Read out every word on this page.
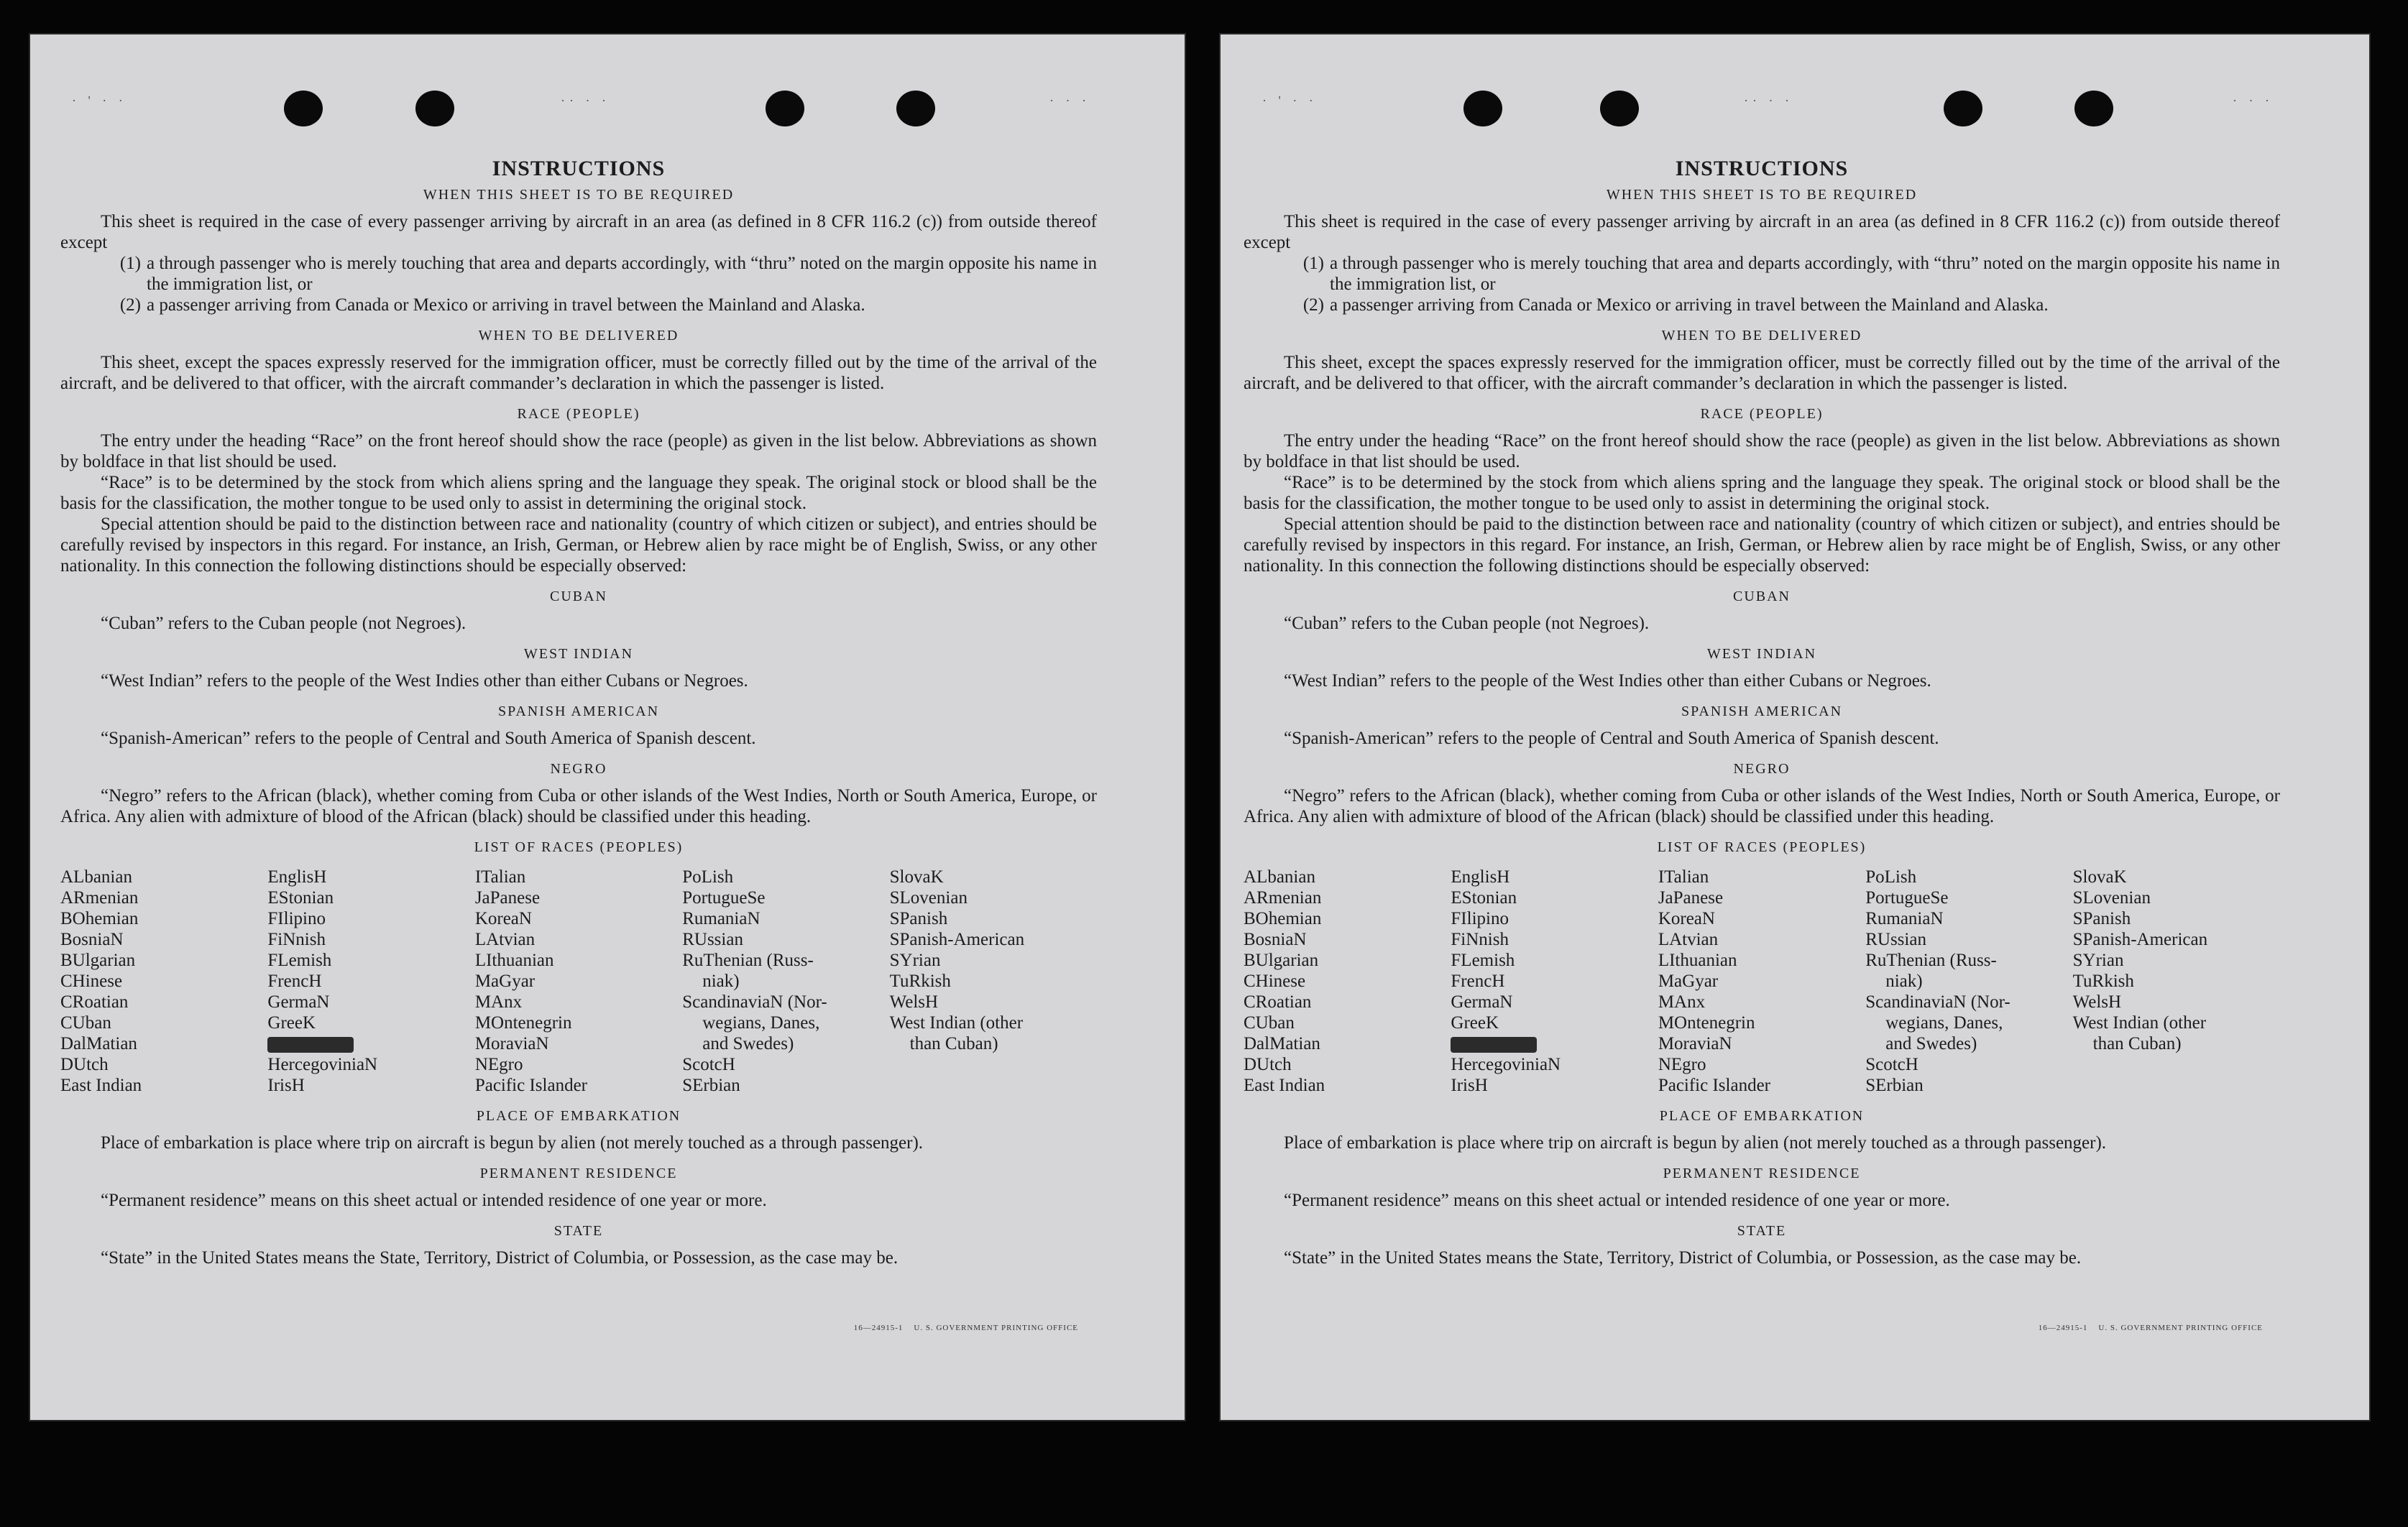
· ' · ·	·· · ·	· · ·
INSTRUCTIONS
WHEN THIS SHEET IS TO BE REQUIRED

This sheet is required in the case of every passenger arriving by aircraft in an area (as defined in 8 CFR 116.2 (c)) from outside thereof except

(1) a through passenger who is merely touching that area and departs accordingly, with “thru” noted on the margin opposite his name in the immigration list, or
(2) a passenger arriving from Canada or Mexico or arriving in travel between the Mainland and Alaska.
WHEN TO BE DELIVERED

This sheet, except the spaces expressly reserved for the immigration officer, must be correctly filled out by the time of the arrival of the aircraft, and be delivered to that officer, with the aircraft commander’s declaration in which the passenger is listed.

RACE (PEOPLE)

The entry under the heading “Race” on the front hereof should show the race (people) as given in the list below. Abbreviations as shown by boldface in that list should be used.

“Race” is to be determined by the stock from which aliens spring and the language they speak. The original stock or blood shall be the basis for the classification, the mother tongue to be used only to assist in determining the original stock.

Special attention should be paid to the distinction between race and nationality (country of which citizen or subject), and entries should be carefully revised by inspectors in this regard. For instance, an Irish, German, or Hebrew alien by race might be of English, Swiss, or any other nationality. In this connection the following distinctions should be especially observed:

CUBAN

“Cuban” refers to the Cuban people (not Negroes).

WEST INDIAN

“West Indian” refers to the people of the West Indies other than either Cubans or Negroes.

SPANISH AMERICAN

“Spanish-American” refers to the people of Central and South America of Spanish descent.

NEGRO

“Negro” refers to the African (black), whether coming from Cuba or other islands of the West Indies, North or South America, Europe, or Africa. Any alien with admixture of blood of the African (black) should be classified under this heading.

LIST OF RACES (PEOPLES)
ALbanian
ARmenian
BOhemian
BosniaN
BUlgarian
CHinese
CRoatian
CUban
DalMatian
DUtch
East Indian
EnglisH
EStonian
FIlipino
FiNnish
FLemish
FrencH
GermaN
GreeK
HercegoviniaN
IrisH
ITalian
JaPanese
KoreaN
LAtvian
LIthuanian
MaGyar
MAnx
MOntenegrin
MoraviaN
NEgro
Pacific Islander
PoLish
PortugueSe
RumaniaN
RUssian
RuThenian (Russ-
niak)
ScandinaviaN (Nor-
wegians, Danes,
and Swedes)
ScotcH
SErbian
SlovaK
SLovenian
SPanish
SPanish-American
SYrian
TuRkish
WelsH
West Indian (other
than Cuban)
PLACE OF EMBARKATION

Place of embarkation is place where trip on aircraft is begun by alien (not merely touched as a through passenger).

PERMANENT RESIDENCE

“Permanent residence” means on this sheet actual or intended residence of one year or more.

STATE

“State” in the United States means the State, Territory, District of Columbia, or Possession, as the case may be.

16—24915-1 U. S. GOVERNMENT PRINTING OFFICE
· ' · ·	·· · ·	· · ·
INSTRUCTIONS
WHEN THIS SHEET IS TO BE REQUIRED

This sheet is required in the case of every passenger arriving by aircraft in an area (as defined in 8 CFR 116.2 (c)) from outside thereof except

(1) a through passenger who is merely touching that area and departs accordingly, with “thru” noted on the margin opposite his name in the immigration list, or
(2) a passenger arriving from Canada or Mexico or arriving in travel between the Mainland and Alaska.
WHEN TO BE DELIVERED

This sheet, except the spaces expressly reserved for the immigration officer, must be correctly filled out by the time of the arrival of the aircraft, and be delivered to that officer, with the aircraft commander’s declaration in which the passenger is listed.

RACE (PEOPLE)

The entry under the heading “Race” on the front hereof should show the race (people) as given in the list below. Abbreviations as shown by boldface in that list should be used.

“Race” is to be determined by the stock from which aliens spring and the language they speak. The original stock or blood shall be the basis for the classification, the mother tongue to be used only to assist in determining the original stock.

Special attention should be paid to the distinction between race and nationality (country of which citizen or subject), and entries should be carefully revised by inspectors in this regard. For instance, an Irish, German, or Hebrew alien by race might be of English, Swiss, or any other nationality. In this connection the following distinctions should be especially observed:

CUBAN

“Cuban” refers to the Cuban people (not Negroes).

WEST INDIAN

“West Indian” refers to the people of the West Indies other than either Cubans or Negroes.

SPANISH AMERICAN

“Spanish-American” refers to the people of Central and South America of Spanish descent.

NEGRO

“Negro” refers to the African (black), whether coming from Cuba or other islands of the West Indies, North or South America, Europe, or Africa. Any alien with admixture of blood of the African (black) should be classified under this heading.

LIST OF RACES (PEOPLES)
ALbanian
ARmenian
BOhemian
BosniaN
BUlgarian
CHinese
CRoatian
CUban
DalMatian
DUtch
East Indian
EnglisH
EStonian
FIlipino
FiNnish
FLemish
FrencH
GermaN
GreeK
HercegoviniaN
IrisH
ITalian
JaPanese
KoreaN
LAtvian
LIthuanian
MaGyar
MAnx
MOntenegrin
MoraviaN
NEgro
Pacific Islander
PoLish
PortugueSe
RumaniaN
RUssian
RuThenian (Russ-
niak)
ScandinaviaN (Nor-
wegians, Danes,
and Swedes)
ScotcH
SErbian
SlovaK
SLovenian
SPanish
SPanish-American
SYrian
TuRkish
WelsH
West Indian (other
than Cuban)
PLACE OF EMBARKATION

Place of embarkation is place where trip on aircraft is begun by alien (not merely touched as a through passenger).

PERMANENT RESIDENCE

“Permanent residence” means on this sheet actual or intended residence of one year or more.

STATE

“State” in the United States means the State, Territory, District of Columbia, or Possession, as the case may be.

16—24915-1 U. S. GOVERNMENT PRINTING OFFICE
